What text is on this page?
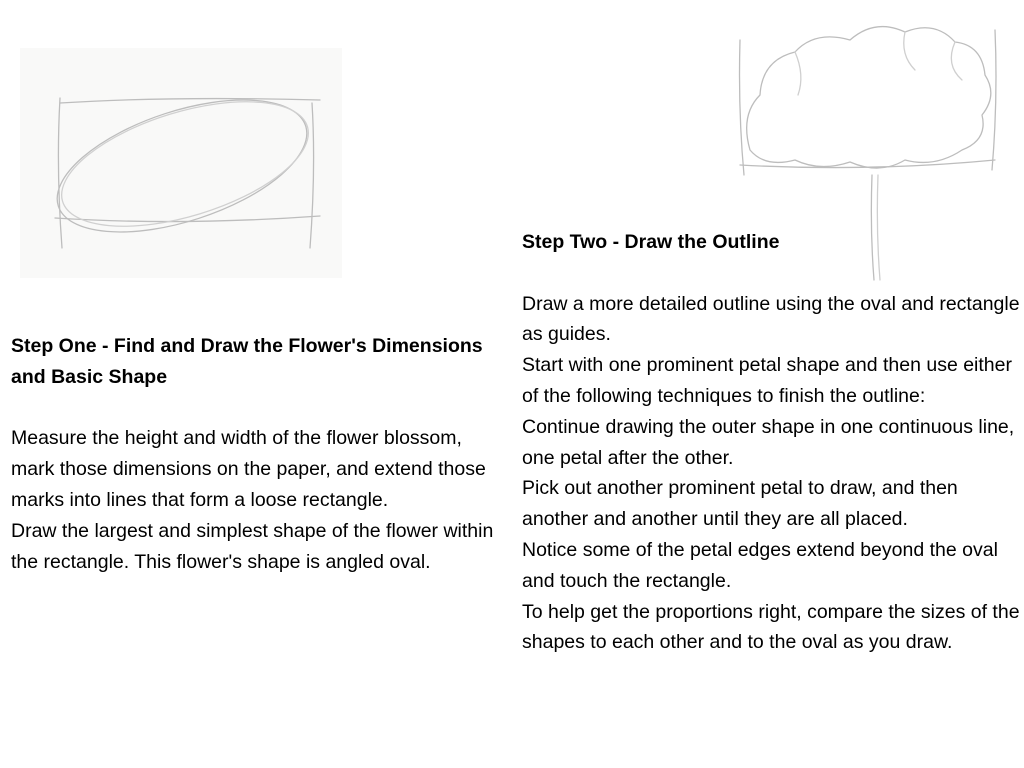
Step One - Find and Draw the Flower's Dimensions and Basic Shape

Measure the height and width of the flower blossom, mark those dimensions on the paper, and extend those marks into lines that form a loose rectangle.

Draw the largest and simplest shape of the flower within the rectangle. This flower's shape is angled oval.

Step Two - Draw the Outline

Draw a more detailed outline using the oval and rectangle as guides.

Start with one prominent petal shape and then use either of the following techniques to finish the outline:

Continue drawing the outer shape in one continuous line, one petal after the other.

Pick out another prominent petal to draw, and then another and another until they are all placed.

Notice some of the petal edges extend beyond the oval and touch the rectangle.

To help get the proportions right, compare the sizes of the shapes to each other and to the oval as you draw.
